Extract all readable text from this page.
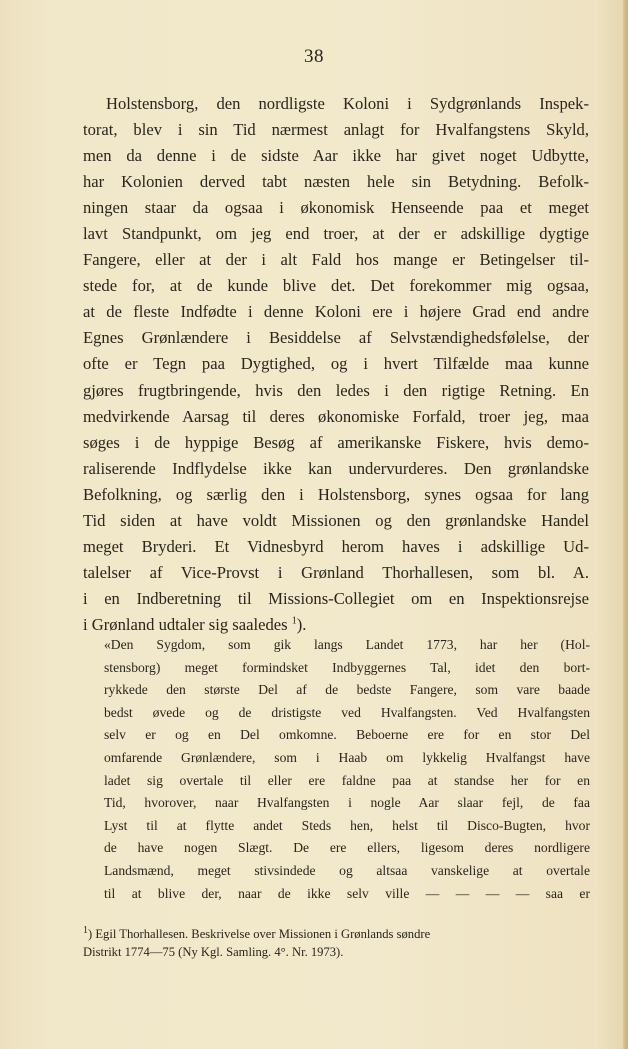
38
Holstensborg, den nordligste Koloni i Sydgrønlands Inspek-
torat, blev i sin Tid nærmest anlagt for Hvalfangstens Skyld,
men da denne i de sidste Aar ikke har givet noget Udbytte,
har Kolonien derved tabt næsten hele sin Betydning. Befolk-
ningen staar da ogsaa i økonomisk Henseende paa et meget
lavt Standpunkt, om jeg end troer, at der er adskillige dygtige
Fangere, eller at der i alt Fald hos mange er Betingelser til-
stede for, at de kunde blive det. Det forekommer mig ogsaa,
at de fleste Indfødte i denne Koloni ere i højere Grad end andre
Egnes Grønlændere i Besiddelse af Selvstændighedsfølelse, der
ofte er Tegn paa Dygtighed, og i hvert Tilfælde maa kunne
gjøres frugtbringende, hvis den ledes i den rigtige Retning. En
medvirkende Aarsag til deres økonomiske Forfald, troer jeg, maa
søges i de hyppige Besøg af amerikanske Fiskere, hvis demo-
raliserende Indflydelse ikke kan undervurderes. Den grønlandske
Befolkning, og særlig den i Holstensborg, synes ogsaa for lang
Tid siden at have voldt Missionen og den grønlandske Handel
meget Bryderi. Et Vidnesbyrd herom haves i adskillige Ud-
talelser af Vice-Provst i Grønland Thorhallesen, som bl. A.
i en Indberetning til Missions-Collegiet om en Inspektionsrejse
i Grønland udtaler sig saaledes $^1$).
«Den Sygdom, som gik langs Landet 1773, har her (Hol-
stensborg) meget formindsket Indbyggernes Tal, idet den bort-
rykkede den største Del af de bedste Fangere, som vare baade
bedst øvede og de dristigste ved Hvalfangsten. Ved Hvalfangsten
selv er og en Del omkomne. Beboerne ere for en stor Del
omfarende Grønlændere, som i Haab om lykkelig Hvalfangst have
ladet sig overtale til eller ere faldne paa at standse her for en
Tid, hvorover, naar Hvalfangsten i nogle Aar slaar fejl, de faa
Lyst til at flytte andet Steds hen, helst til Disco-Bugten, hvor
de have nogen Slægt. De ere ellers, ligesom deres nordligere
Landsmænd, meget stivsindede og altsaa vanskelige at overtale
til at blive der, naar de ikke selv ville — — — — saa er
$^1$) Egil Thorhallesen. Beskrivelse over Missionen i Grønlands søndre
Distrikt 1774—75 (Ny Kgl. Samling. 4°. Nr. 1973).
